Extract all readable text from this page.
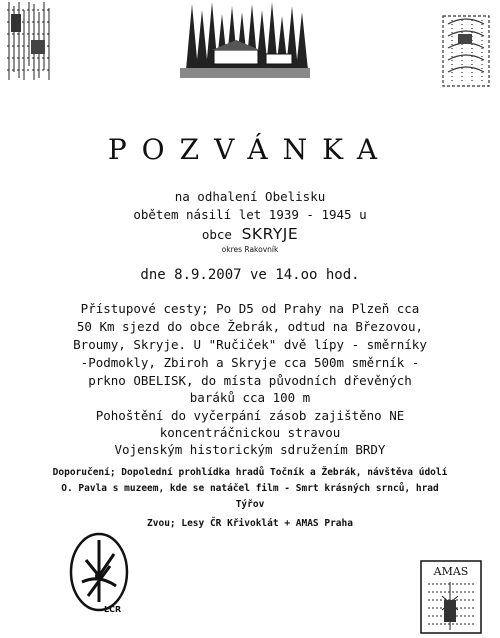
POZVÁNKA
na odhalení Obelisku
obětem násilí let 1939 - 1945 u
obce SKRYJE
okres Rakovník
dne 8.9.2007 ve 14.oo hod.
Přístupové cesty; Po D5 od Prahy na Plzeň cca
50 Km sjezd do obce Žebrák, odtud na Březovou,
Broumy, Skryje. U "Ručiček" dvě lípy - směrníky
-Podmokly, Zbiroh a Skryje cca 500m směrník -
prkno OBELISK, do místa původních dřevěných
baráků cca 100 m
Pohoštění do vyčerpání zásob zajištěno NE
koncentráčnickou stravou
Vojenským historickým sdružením BRDY
Doporučení; Dopolední prohlídka hradů Točník a Žebrák, návštěva údolí
O. Pavla s muzeem, kde se natáčel film - Smrt krásných srnců, hrad
Týřov
Zvou; Lesy ČR Křivoklát + AMAS Praha
LČR
AMAS
